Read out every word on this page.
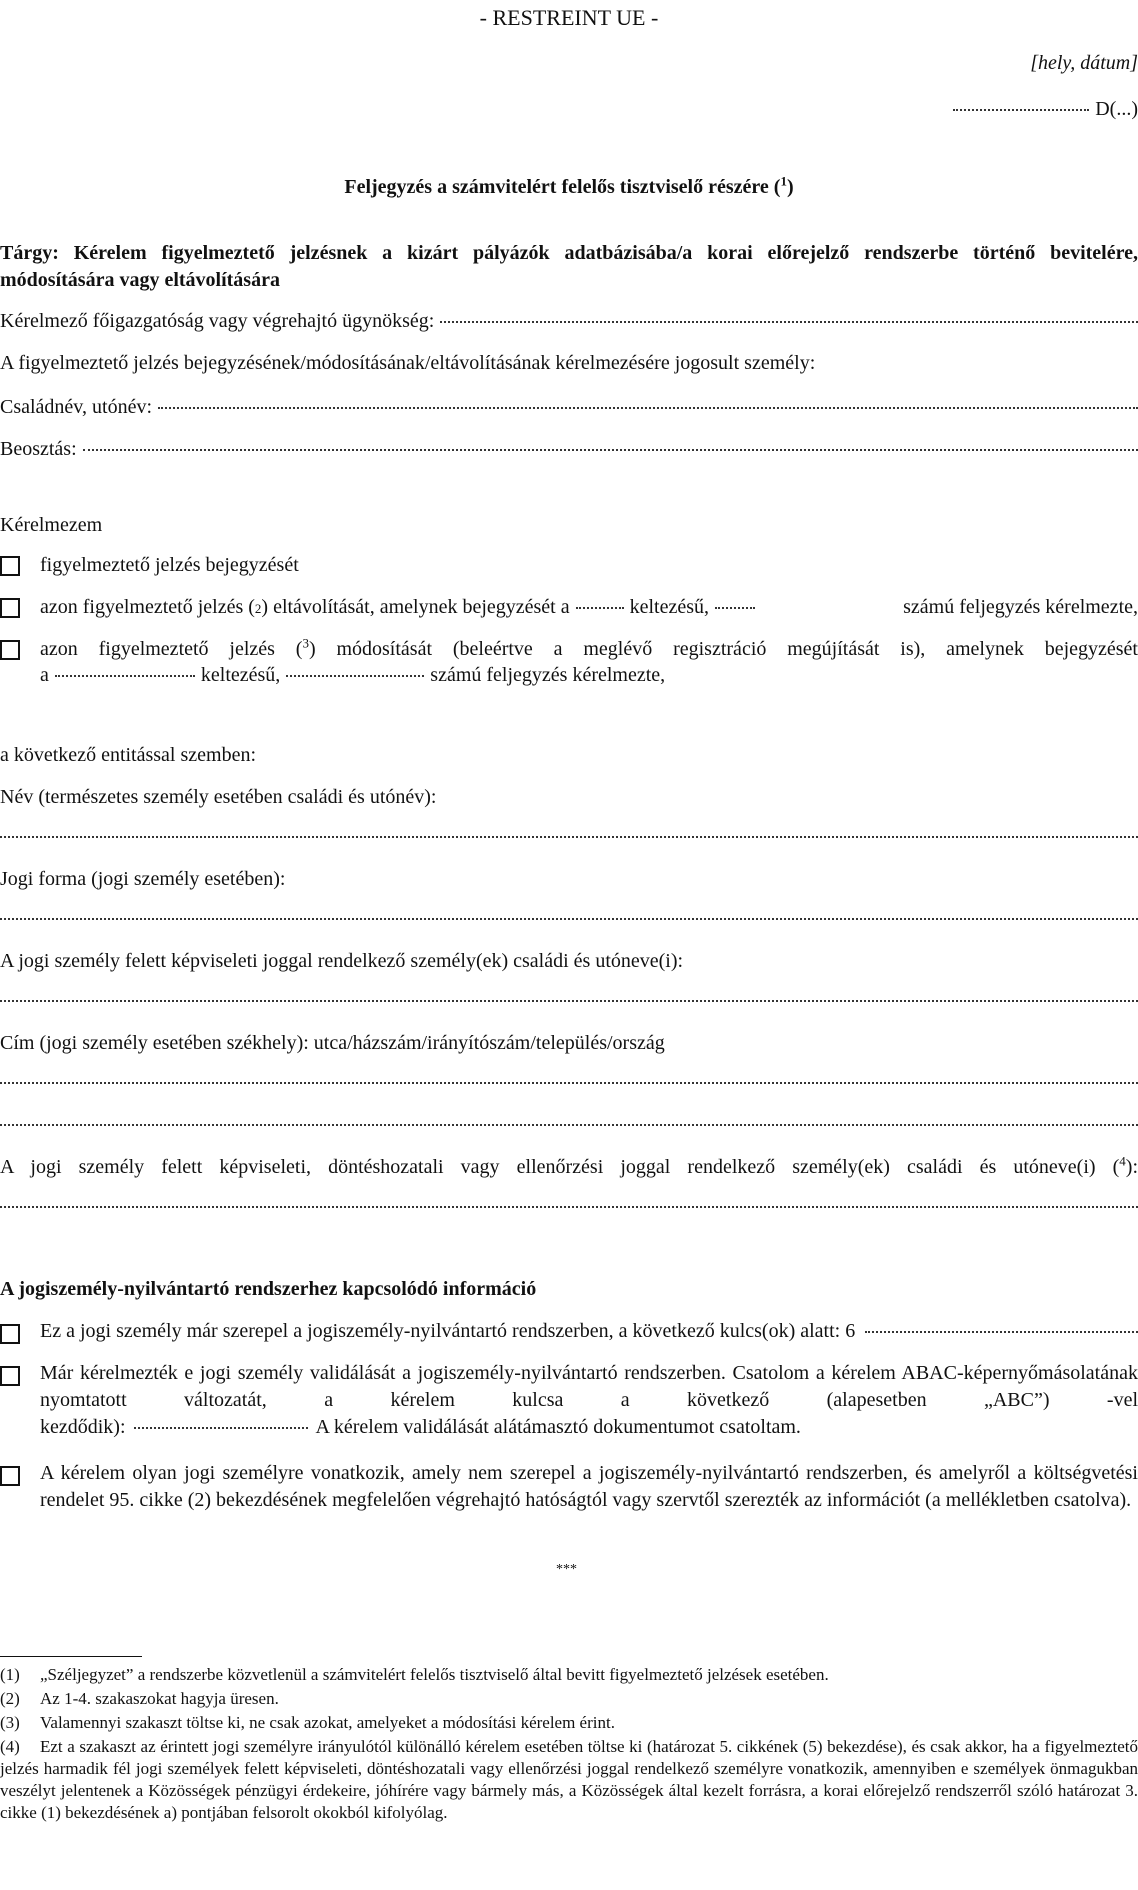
- RESTREINT UE -
[hely, dátum]
D(...)
Feljegyzés a számvitelért felelős tisztviselő részére ($^1$)
Tárgy: Kérelem figyelmeztető jelzésnek a kizárt pályázók adatbázisába/a korai előrejelző rendszerbe történő bevitelére, módosítására vagy eltávolítására
Kérelmező főigazgatóság vagy végrehajtó ügynökség:
A figyelmeztető jelzés bejegyzésének/módosításának/eltávolításának kérelmezésére jogosult személy:
Családnév, utónév:
Beosztás:
Kérelmezem
figyelmeztető jelzés bejegyzését
azon figyelmeztető jelzés ( 2 ) eltávolítását, amelynek bejegyzését a	keltezésű,	számú feljegyzés kérelmezte,
azon figyelmeztető jelzés ($^3$) módosítását (beleértve a meglévő regisztráció megújítását is), amelynek bejegyzését
a	keltezésű,	számú feljegyzés kérelmezte,
a következő entitással szemben:
Név (természetes személy esetében családi és utónév):
Jogi forma (jogi személy esetében):
A jogi személy felett képviseleti joggal rendelkező személy(ek) családi és utóneve(i):
Cím (jogi személy esetében székhely): utca/házszám/irányítószám/település/ország
A jogi személy felett képviseleti, döntéshozatali vagy ellenőrzési joggal rendelkező személy(ek) családi és utóneve(i) ($^4$):
A jogiszemély-nyilvántartó rendszerhez kapcsolódó információ
Ez a jogi személy már szerepel a jogiszemély-nyilvántartó rendszerben, a következő kulcs(ok) alatt: 6
Már kérelmezték e jogi személy validálását a jogiszemély-nyilvántartó rendszerben. Csatolom a kérelem ABAC-képernyőmásolatának nyomtatott változatát, a kérelem kulcsa a következő (alapesetben „ABC”) -vel
kezdődik):	A kérelem validálását alátámasztó dokumentumot csatoltam.
A kérelem olyan jogi személyre vonatkozik, amely nem szerepel a jogiszemély-nyilvántartó rendszerben, és amelyről a költségvetési rendelet 95. cikke (2) bekezdésének megfelelően végrehajtó hatóságtól vagy szervtől szerezték az információt (a mellékletben csatolva).
***
(1) „Széljegyzet” a rendszerbe közvetlenül a számvitelért felelős tisztviselő által bevitt figyelmeztető jelzések esetében.
(2) Az 1-4. szakaszokat hagyja üresen.
(3) Valamennyi szakaszt töltse ki, ne csak azokat, amelyeket a módosítási kérelem érint.
(4)	Ezt a szakaszt az érintett jogi személyre irányulótól különálló kérelem esetében töltse ki (határozat 5. cikkének (5) bekezdése), és csak akkor, ha a figyelmeztető jelzés harmadik fél jogi személyek felett képviseleti, döntéshozatali vagy ellenőrzési joggal rendelkező személyre vonatkozik, amennyiben e személyek önmagukban veszélyt jelentenek a Közösségek pénzügyi érdekeire, jóhírére vagy bármely más, a Közösségek által kezelt forrásra, a korai előrejelző rendszerről szóló határozat 3. cikke (1) bekezdésének a) pontjában felsorolt okokból kifolyólag.
